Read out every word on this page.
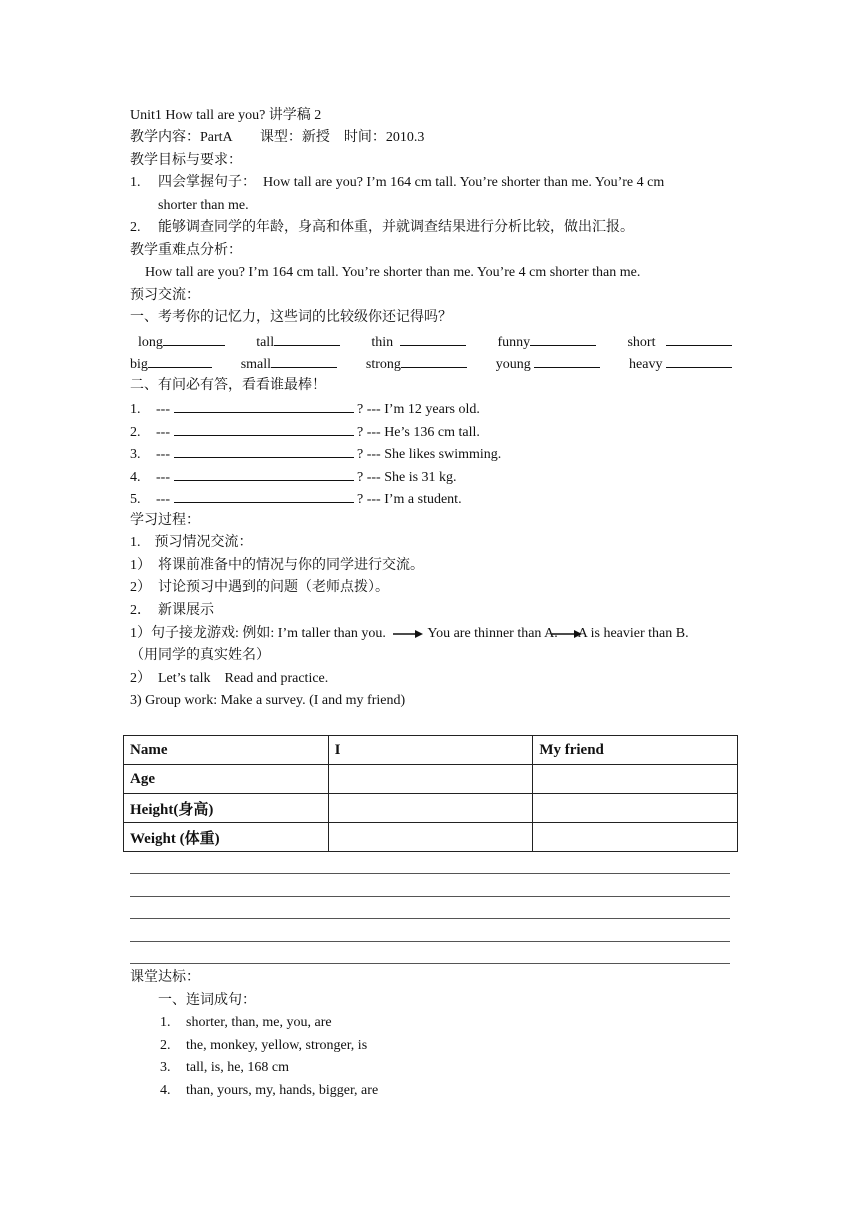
Unit1 How tall are you? 讲学稿 2
教学内容：PartA　　课型：新授　时间：2010.3
教学目标与要求：
1. 四会掌握句子：　How tall are you? I’m 164 cm tall. You’re shorter than me. You’re 4 cm
shorter than me.
2. 能够调查同学的年龄，身高和体重，并就调查结果进行分析比较，做出汇报。
教学重难点分析：
How tall are you? I’m 164 cm tall. You’re shorter than me. You’re 4 cm shorter than me.
预习交流：
一、考考你的记忆力，这些词的比较级你还记得吗？
long	tall	thin	funny	short
big	small	strong	young	heavy
二、有问必有答，看看谁最棒！
1. ---	? --- I’m 12 years old.
2. ---	? --- He’s 136 cm tall.
3. ---	? --- She likes swimming.
4. ---	? --- She is 31 kg.
5. ---	? --- I’m a student.
学习过程：
1.　预习情况交流：
1）　将课前准备中的情况与你的同学进行交流。
2）　讨论预习中遇到的问题（老师点拨）。
2．　新课展示
1）句子接龙游戏: 例如: I’m taller than you.	You are thinner than A. A is heavier than B.
（用同学的真实姓名）
2）　Let’s talk　Read and practice.
3) Group work: Make a survey. (I and my friend)
Name	I	My friend
Age		
Height(身高)		
Weight (体重)		
课堂达标：
一、连词成句：
1. shorter, than, me, you, are
2. the, monkey, yellow, stronger, is
3. tall, is, he, 168 cm
4. than, yours, my, hands, bigger, are
